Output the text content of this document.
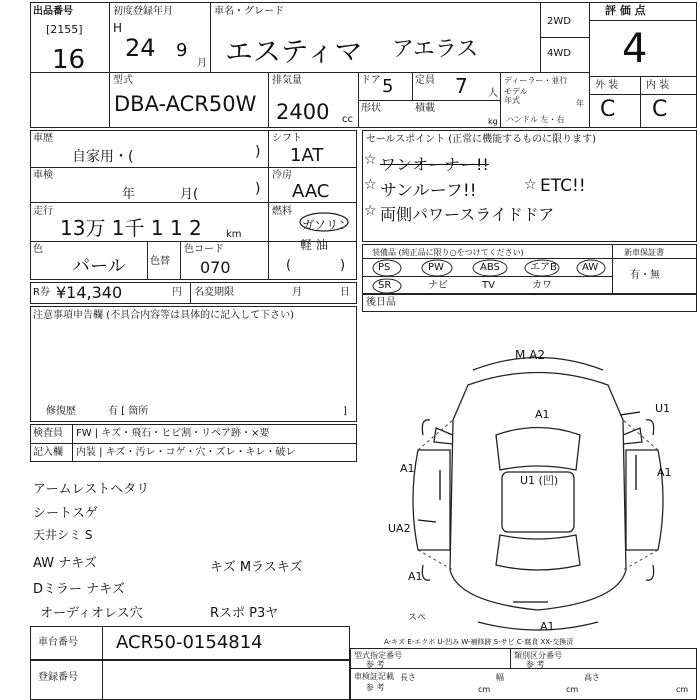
評 価 点
4
外 装	内 装
C C
出品番号
[2155]
16
初度登録年月
H
24 9
月
車名・グレード
エスティマ アエラス
2WD
4WD
型式
DBA-ACR50W
排気量
2400 cc
ドア 5 定員 7 人
ディーラー・並行
モデル年式	年
形状	積載
kg ハンドル 左・右
車歴
自家用・(	)
シフト
1AT
車検
年	月(	)
冷房
AAC
走行
13万 1千 1 1 2 km
燃料
ガソリン
軽 油
(	)
色
パール 色替
色コード
070
R券 ¥14,340	円 名変期限	月	日
注意事項申告欄 (不具合内容等は具体的に記入して下さい)
修復歴	有 [ 箇所	]
検査員 FW | キズ・飛石・ヒビ割・リペア跡・×要
記入欄 内装 | キズ・汚レ・コゲ・穴・ズレ・キレ・破レ
アームレストヘタリ
シートスゲ
天井シミ S
AW ナキズ
Dミラー ナキズ
キズ Mラスキズ
オーディオレス穴	Rスポ P3ヤ
セールスポイント (正常に機能するものに限ります)
ワンオーナー!!
サンルーフ!!	ETC!!
両側パワースライドドア
☆
☆	☆
☆
装備品 (純正品に限り○をつけてください)	新車保証書
有・無
PS	PW	ABS	エアB	AW
SR	ナビ	TV	カワ
後日品
M A2
A1	U1
A1
A1
U1 (凹)
UA2
A1
スペ
A1
A-キズ E-エクボ U-凹み W-補修跡 S-サビ C-腐食 XX-交換済
車台番号 ACR50-0154814
登録番号
型式指定番号
参 考
類別区分番号
参 考
車検証記載
参 考
長さ
cm
幅
cm
高さ
cm
